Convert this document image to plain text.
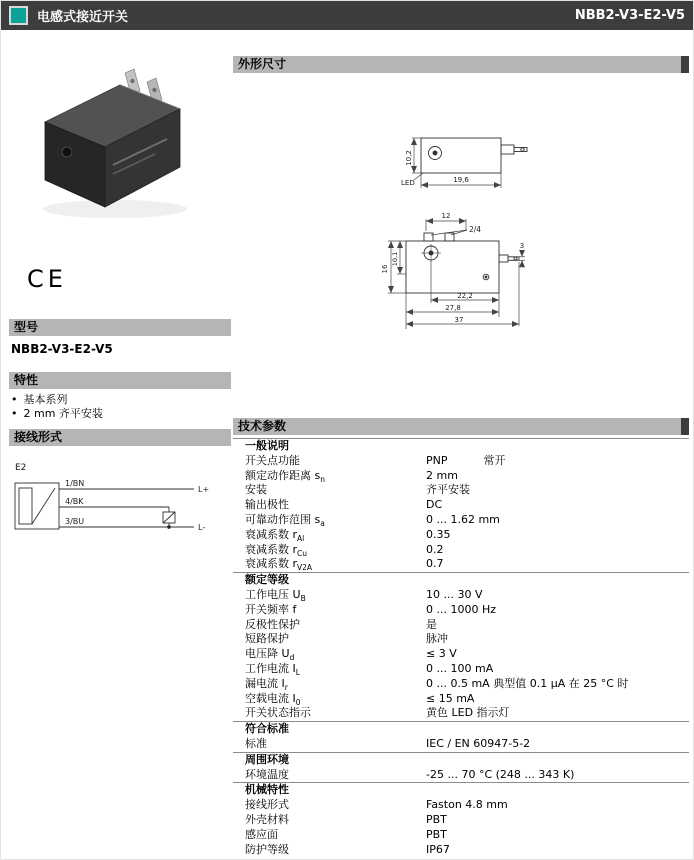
电感式接近开关	NBB2-V3-E2-V5
CE
型号
NBB2-V3-E2-V5
特性
• 基本系列
• 2 mm 齐平安装
接线形式
E2
1/BN
4/BK
3/BU
L+
L-
外形尺寸
10,2
LED	19,6
12
2/4
16
10,1
3
22,2
27,8
37
技术参数
一般说明
开关点功能	PNP	常开
额定动作距离 $s_n$	2 mm
安装	齐平安装
输出极性	DC
可靠动作范围 $s_a$	0 ... 1.62 mm
衰减系数 $r_{Al}$	0.35
衰减系数 $r_{Cu}$	0.2
衰减系数 $r_{V2A}$	0.7
额定等级
工作电压 $U_B$	10 ... 30 V
开关频率 f	0 ... 1000 Hz
反极性保护	是
短路保护	脉冲
电压降 $U_d$	≤ 3 V
工作电流 $I_L$	0 ... 100 mA
漏电流 $I_r$	0 ... 0.5 mA 典型值 0.1 µA 在 25 °C 时
空载电流 $I_0$	≤ 15 mA
开关状态指示	黄色 LED 指示灯
符合标准
标准	IEC / EN 60947-5-2
周围环境
环境温度	-25 ... 70 °C (248 ... 343 K)
机械特性
接线形式	Faston 4.8 mm
外壳材料	PBT
感应面	PBT
防护等级	IP67
